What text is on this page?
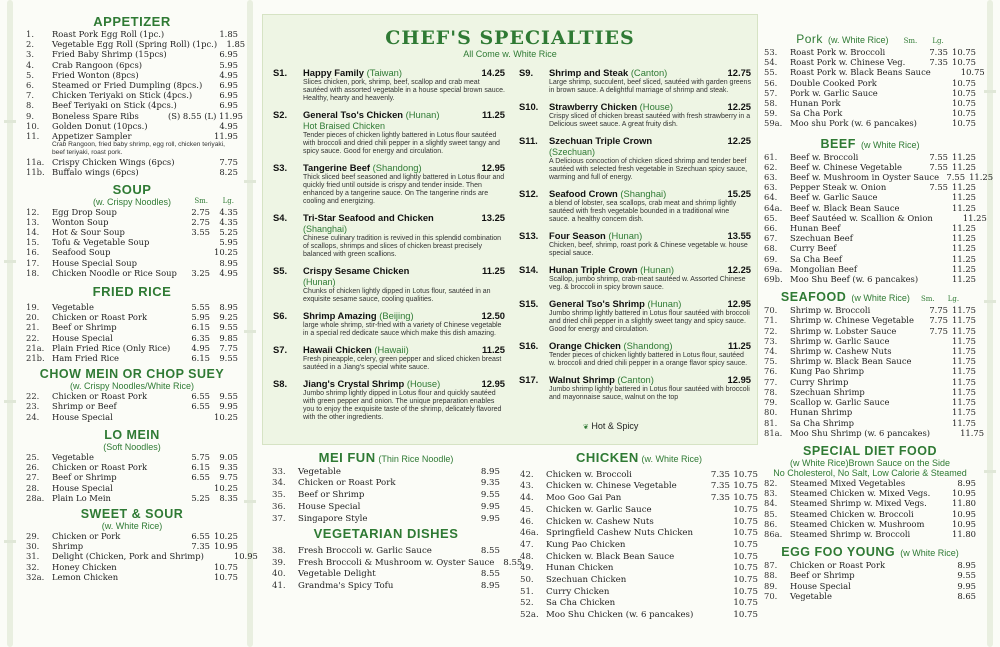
APPETIZER
1.	Roast Pork Egg Roll (1pc.)	1.85
2.	Vegetable Egg Roll (Spring Roll) (1pc.)	1.85
3.	Fried Baby Shrimp (15pcs)	6.95
4.	Crab Rangoon (6pcs)	5.95
5.	Fried Wonton (8pcs)	4.95
6.	Steamed or Fried Dumpling (8pcs.)	6.95
7.	Chicken Teriyaki on Stick (4pcs.)	6.95
8.	Beef Teriyaki on Stick (4pcs.)	6.95
9.	Boneless Spare Ribs	(S) 8.55 (L) 11.95
10.	Golden Donut (10pcs.)	4.95
11.	Appetizer Sampler	11.95
Crab Rangoon, fried baby shrimp, egg roll, chicken teriyaki, beef teriyaki, roast pork.
11a. Crispy Chicken Wings (6pcs)	7.75
11b. Buffalo wings (6pcs)	8.25
SOUP
(w. Crispy Noodles)	Sm. Lg.
12.	Egg Drop Soup	2.75	4.35
13.	Wonton Soup	2.75	4.35
14.	Hot & Sour Soup	3.55	5.25
15.	Tofu & Vegetable Soup	5.95
16.	Seafood Soup	10.25
17.	House Special Soup	8.95
18.	Chicken Noodle or Rice Soup	3.25	4.95
FRIED RICE
19.	Vegetable	5.55	8.95
20.	Chicken or Roast Pork	5.95	9.25
21.	Beef or Shrimp	6.15	9.55
22.	House Special	6.35	9.85
21a. Plain Fried Rice (Only Rice)	4.95	7.75
21b. Ham Fried Rice	6.15	9.55
CHOW MEIN OR CHOP SUEY
(w. Crispy Noodles/White Rice)
22.	Chicken or Roast Pork	6.55	9.55
23.	Shrimp or Beef	6.55	9.95
24.	House Special	10.25
LO MEIN
(Soft Noodles)
25.	Vegetable	5.75	9.05
26.	Chicken or Roast Pork	6.15	9.35
27.	Beef or Shrimp	6.55	9.75
28.	House Special	10.25
28a. Plain Lo Mein	5.25	8.35
SWEET & SOUR
(w. White Rice)
29.	Chicken or Pork	6.55 10.25
30.	Shrimp	7.35 10.95
31.	Delight (Chicken, Pork and Shrimp)	10.95
32.	Honey Chicken	10.75
32a. Lemon Chicken	10.75
CHEF'S SPECIALTIES
All Come w. White Rice
S1.	Happy Family (Taiwan)	14.25
Slices chicken, pork, shrimp, beef, scallop and crab meat sautéed with assorted vegetable in a house special brown sauce. Healthy, hearty and heavenly.
S2.	General Tso's Chicken (Hunan)	11.25
Hot Braised Chicken
Tender pieces of chicken lightly battered in Lotus flour sautéed with broccoli and dried chili pepper in a slightly sweet tangy and spicy sauce. Good for energy and circulation.
S3.	Tangerine Beef (Shandong)	12.95
Thick sliced beef seasoned and lightly battered in Lotus flour and quickly fried until outside is crispy and tender inside. Then enhanced by a tangerine sauce. On The tangerine rinds are cooling and energizing.
S4.	Tri-Star Seafood and Chicken	13.25
(Shanghai)
Chinese culinary tradition is revived in this splendid combination of scallops, shrimps and slices of chicken breast precisely balanced with green scallions.
S5.	Crispy Sesame Chicken	11.25
(Hunan)
Chunks of chicken lightly dipped in Lotus flour, sautéed in an exquisite sesame sauce, cooling qualities.
S6.	Shrimp Amazing (Beijing)	12.50
large whole shrimp, stir-fried with a variety of Chinese vegetable in a special red dedicate sauce which make this dish amazing.
S7.	Hawaii Chicken (Hawaii)	11.25
Fresh pineapple, celery, green pepper and sliced chicken breast sautéed in a Jiang's special white sauce.
S8.	Jiang's Crystal Shrimp (House)	12.95
Jumbo shrimp lightly dipped in Lotus flour and quickly sautéed with green pepper and onion. The unique preparation enables you to enjoy the exquisite taste of the shrimp, delicately flavored with the other ingredients.
S9.	Shrimp and Steak (Canton)	12.75
Large shrimp, succulent, beef sliced, sautéed with garden greens in brown sauce. A delightful marriage of shrimp and steak.
S10.	Strawberry Chicken (House)	12.25
Crispy sliced of chicken breast sautéed with fresh strawberry in a Delicious sweet sauce. A great fruity dish.
S11.	Szechuan Triple Crown	12.25
(Szechuan)
A Delicious concoction of chicken sliced shrimp and tender beef sautéed with selected fresh vegetable in Szechuan spicy sauce, warming and full of energy.
S12.	Seafood Crown (Shanghai)	15.25
a blend of lobster, sea scallops, crab meat and shrimp lightly sautéed with fresh vegetable bounded in a traditional wine sauce. a healthy concern dish.
S13.	Four Season (Hunan)	13.55
Chicken, beef, shrimp, roast pork & Chinese vegetable w. house special sauce.
S14.	Hunan Triple Crown (Hunan)	12.25
Scallop, jumbo shrimp, crab-meat sautéed w. Assorted Chinese veg. & broccoli in spicy brown sauce.
S15.	General Tso's Shrimp (Hunan)	12.95
Jumbo shrimp lightly battered in Lotus flour sautéed with broccoli and dried chili pepper in a slightly sweet tangy and spicy sauce. Good for energy and circulation.
S16.	Orange Chicken (Shandong)	11.25
Tender pieces of chicken lightly battered in Lotus flour, sautéed w. broccoli and dried chili pepper in a orange flavor spicy sauce.
S17.	Walnut Shrimp (Canton)	12.95
Jumbo shrimp lightly battered in Lotus flour sautéed with broccoli and mayonnaise sauce, walnut on the top
❦ Hot & Spicy
MEI FUN (Thin Rice Noodle)
33.	Vegetable	8.95
34.	Chicken or Roast Pork	9.35
35.	Beef or Shrimp	9.55
36.	House Special	9.95
37.	Singapore Style	9.95
VEGETARIAN DISHES
38.	Fresh Broccoli w. Garlic Sauce	8.55
39.	Fresh Broccoli & Mushroom w. Oyster Sauce	8.55
40.	Vegetable Delight	8.55
41.	Grandma's Spicy Tofu	8.95
CHICKEN (w. White Rice)
42.	Chicken w. Broccoli	7.35 10.75
43.	Chicken w. Chinese Vegetable	7.35 10.75
44.	Moo Goo Gai Pan	7.35 10.75
45.	Chicken w. Garlic Sauce	10.75
46.	Chicken w. Cashew Nuts	10.75
46a. Springfield Cashew Nuts Chicken	10.75
47.	Kung Pao Chicken	10.75
48.	Chicken w. Black Bean Sauce	10.75
49.	Hunan Chicken	10.75
50.	Szechuan Chicken	10.75
51.	Curry Chicken	10.75
52.	Sa Cha Chicken	10.75
52a. Moo Shu Chicken (w. 6 pancakes)	10.75
Pork (w. White Rice) Sm. Lg.
53.	Roast Pork w. Broccoli	7.35 10.75
54.	Roast Pork w. Chinese Veg.	7.35 10.75
55.	Roast Pork w. Black Beans Sauce	10.75
56.	Double Cooked Pork	10.75
57.	Pork w. Garlic Sauce	10.75
58.	Hunan Pork	10.75
59.	Sa Cha Pork	10.75
59a. Moo shu Pork (w. 6 pancakes)	10.75
BEEF (w White Rice)
61.	Beef w. Broccoli	7.55 11.25
62.	Beef w. Chinese Vegetable	7.55 11.25
63.	Beef w. Mushroom in Oyster Sauce 7.55 11.25
63.	Pepper Steak w. Onion	7.55 11.25
64.	Beef w. Garlic Sauce	11.25
64a. Beef w. Black Bean Sauce	11.25
65.	Beef Sautéed w. Scallion & Onion	11.25
66.	Hunan Beef	11.25
67.	Szechuan Beef	11.25
68.	Curry Beef	11.25
69.	Sa Cha Beef	11.25
69a. Mongolian Beef	11.25
69b. Moo Shu Beef (w. 6 pancakes)	11.25
SEAFOOD (w White Rice) Sm. Lg.
70.	Shrimp w. Broccoli	7.75 11.75
71.	Shrimp w. Chinese Vegetable	7.75 11.75
72.	Shrimp w. Lobster Sauce	7.75 11.75
73.	Shrimp w. Garlic Sauce	11.75
74.	Shrimp w. Cashew Nuts	11.75
75.	Shrimp w. Black Bean Sauce	11.75
76.	Kung Pao Shrimp	11.75
77.	Curry Shrimp	11.75
78.	Szechuan Shrimp	11.75
79.	Scallop w. Garlic Sauce	11.75
80.	Hunan Shrimp	11.75
81.	Sa Cha Shrimp	11.75
81a. Moo Shu Shrimp (w. 6 pancakes)	11.75
SPECIAL DIET FOOD
(w White Rice)Brown Sauce on the Side
No Cholesterol, No Salt, Low Calorie & Steamed
82.	Steamed Mixed Vegetables	8.95
83.	Steamed Chicken w. Mixed Vegs.	10.95
84.	Steamed Shrimp w. Mixed Vegs.	11.80
85.	Steamed Chicken w. Broccoli	10.95
86.	Steamed Chicken w. Mushroom	10.95
86a. Steamed Shrimp w. Broccoli	11.80
EGG FOO YOUNG (w White Rice)
87.	Chicken or Roast Pork	8.95
88.	Beef or Shrimp	9.55
89.	House Special	9.95
70.	Vegetable	8.65
